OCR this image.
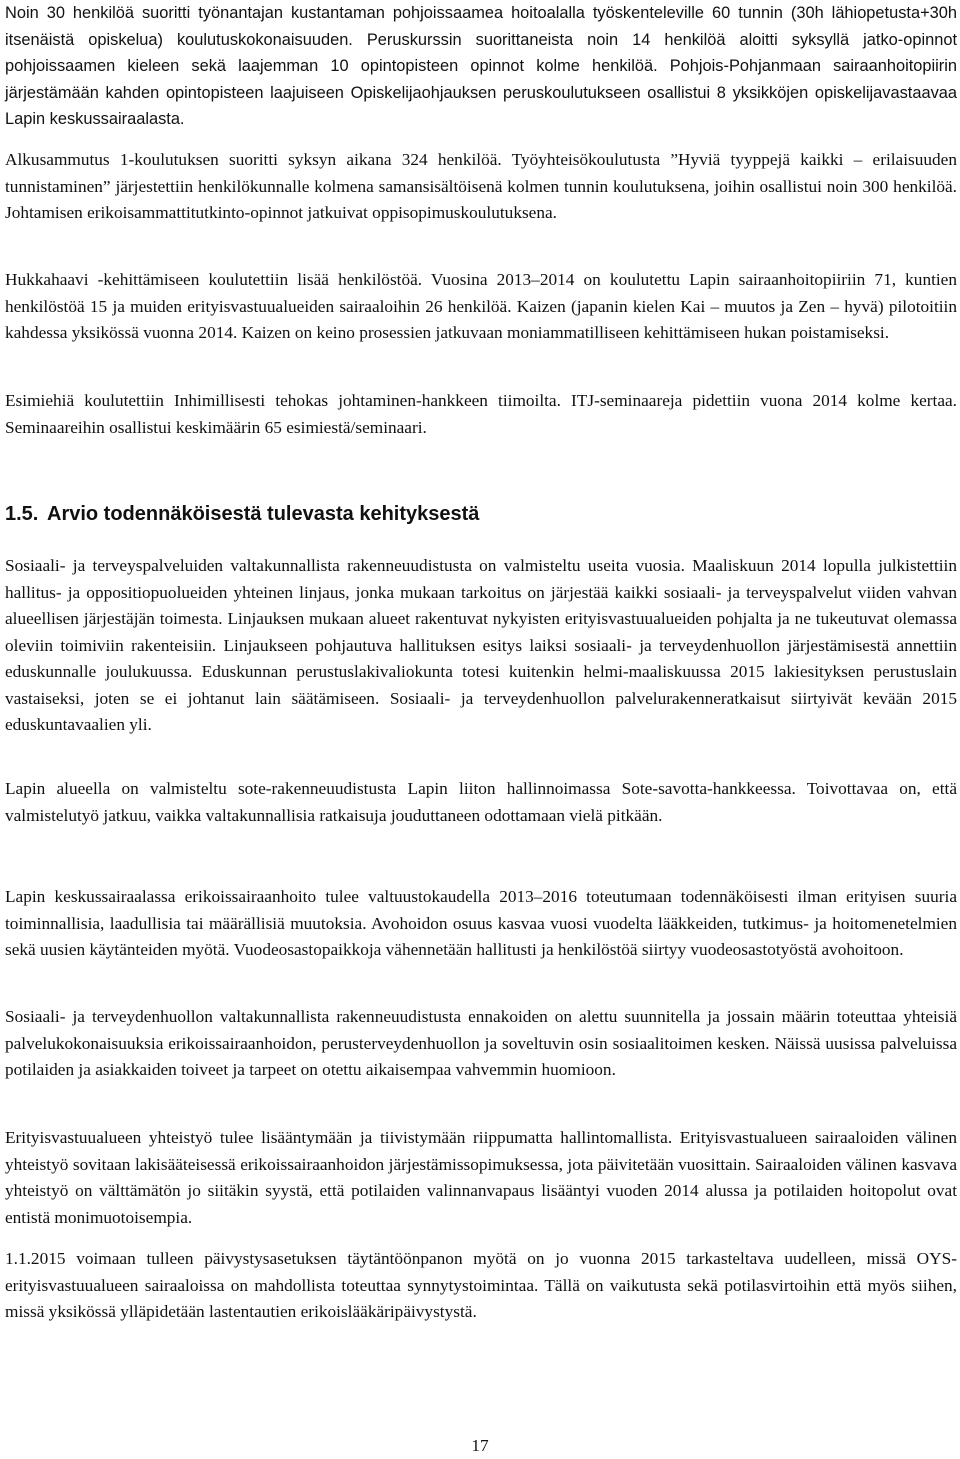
Noin 30 henkilöä suoritti työnantajan kustantaman pohjoissaamea hoitoalalla työskenteleville 60 tunnin (30h lähiopetusta+30h itsenäistä opiskelua) koulutuskokonaisuuden. Peruskurssin suorittaneista noin 14 henkilöä aloitti syksyllä jatko-opinnot pohjoissaamen kieleen sekä laajemman 10 opintopisteen opinnot kolme henkilöä. Pohjois-Pohjanmaan sairaanhoitopiirin järjestämään kahden opintopisteen laajuiseen Opiskelijaohjauksen peruskoulutukseen osallistui 8 yksikköjen opiskelijavastaavaa Lapin keskussairaalasta.

Alkusammutus 1-koulutuksen suoritti syksyn aikana 324 henkilöä. Työyhteisökoulutusta ”Hyviä tyyppejä kaikki – erilaisuuden tunnistaminen” järjestettiin henkilökunnalle kolmena samansisältöisenä kolmen tunnin koulutuksena, joihin osallistui noin 300 henkilöä. Johtamisen erikoisammattitutkinto-opinnot jatkuivat oppisopimuskoulutuksena.

Hukkahaavi -kehittämiseen koulutettiin lisää henkilöstöä. Vuosina 2013–2014 on koulutettu Lapin sairaanhoitopiiriin 71, kuntien henkilöstöä 15 ja muiden erityisvastuualueiden sairaaloihin 26 henkilöä. Kaizen (japanin kielen Kai – muutos ja Zen – hyvä) pilotoitiin kahdessa yksikössä vuonna 2014. Kaizen on keino prosessien jatkuvaan moniammatilliseen kehittämiseen hukan poistamiseksi.

Esimiehiä koulutettiin Inhimillisesti tehokas johtaminen-hankkeen tiimoilta. ITJ-seminaareja pidettiin vuona 2014 kolme kertaa. Seminaareihin osallistui keskimäärin 65 esimiestä/seminaari.

1.5. Arvio todennäköisestä tulevasta kehityksestä

Sosiaali- ja terveyspalveluiden valtakunnallista rakenneuudistusta on valmisteltu useita vuosia. Maaliskuun 2014 lopulla julkistettiin hallitus- ja oppositiopuolueiden yhteinen linjaus, jonka mukaan tarkoitus on järjestää kaikki sosiaali- ja terveyspalvelut viiden vahvan alueellisen järjestäjän toimesta. Linjauksen mukaan alueet rakentuvat nykyisten erityisvastuualueiden pohjalta ja ne tukeutuvat olemassa oleviin toimiviin rakenteisiin. Linjaukseen pohjautuva hallituksen esitys laiksi sosiaali- ja terveydenhuollon järjestämisestä annettiin eduskunnalle joulukuussa. Eduskunnan perustuslakivaliokunta totesi kuitenkin helmi-maaliskuussa 2015 lakiesityksen perustuslain vastaiseksi, joten se ei johtanut lain säätämiseen. Sosiaali- ja terveydenhuollon palvelurakenneratkaisut siirtyivät kevään 2015 eduskuntavaalien yli.

Lapin alueella on valmisteltu sote-rakenneuudistusta Lapin liiton hallinnoimassa Sote-savotta-hankkeessa. Toivottavaa on, että valmistelutyö jatkuu, vaikka valtakunnallisia ratkaisuja jouduttaneen odottamaan vielä pitkään.

Lapin keskussairaalassa erikoissairaanhoito tulee valtuustokaudella 2013–2016 toteutumaan todennäköisesti ilman erityisen suuria toiminnallisia, laadullisia tai määrällisiä muutoksia. Avohoidon osuus kasvaa vuosi vuodelta lääkkeiden, tutkimus- ja hoitomenetelmien sekä uusien käytänteiden myötä. Vuodeosastopaikkoja vähennetään hallitusti ja henkilöstöä siirtyy vuodeosastotyöstä avohoitoon.

Sosiaali- ja terveydenhuollon valtakunnallista rakenneuudistusta ennakoiden on alettu suunnitella ja jossain määrin toteuttaa yhteisiä palvelukokonaisuuksia erikoissairaanhoidon, perusterveydenhuollon ja soveltuvin osin sosiaalitoimen kesken. Näissä uusissa palveluissa potilaiden ja asiakkaiden toiveet ja tarpeet on otettu aikaisempaa vahvemmin huomioon.

Erityisvastuualueen yhteistyö tulee lisääntymään ja tiivistymään riippumatta hallintomallista. Erityisvastualueen sairaaloiden välinen yhteistyö sovitaan lakisääteisessä erikoissairaanhoidon järjestämissopimuksessa, jota päivitetään vuosittain. Sairaaloiden välinen kasvava yhteistyö on välttämätön jo siitäkin syystä, että potilaiden valinnanvapaus lisääntyi vuoden 2014 alussa ja potilaiden hoitopolut ovat entistä monimuotoisempia.

1.1.2015 voimaan tulleen päivystysasetuksen täytäntöönpanon myötä on jo vuonna 2015 tarkasteltava uudelleen, missä OYS-erityisvastuualueen sairaaloissa on mahdollista toteuttaa synnytystoimintaa. Tällä on vaikutusta sekä potilasvirtoihin että myös siihen, missä yksikössä ylläpidetään lastentautien erikoislääkäripäivystystä.

17
